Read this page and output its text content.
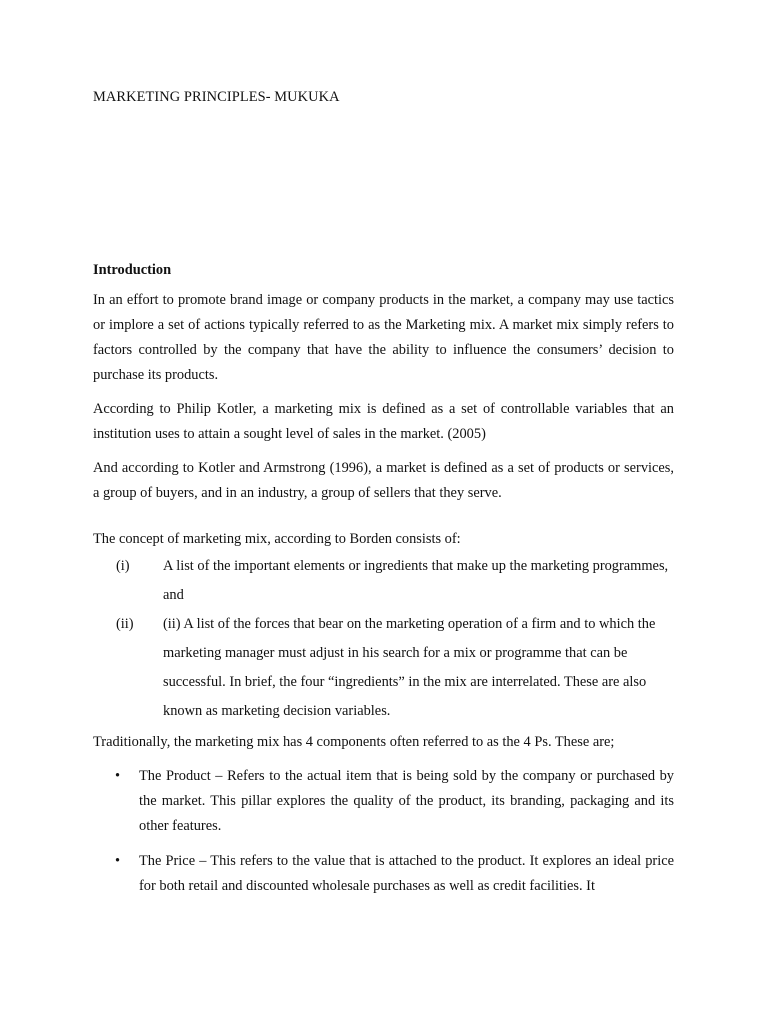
MARKETING PRINCIPLES- MUKUKA
Introduction

In an effort to promote brand image or company products in the market, a company may use tactics or implore a set of actions typically referred to as the Marketing mix. A market mix simply refers to factors controlled by the company that have the ability to influence the consumers’ decision to purchase its products.

According to Philip Kotler, a marketing mix is defined as a set of controllable variables that an institution uses to attain a sought level of sales in the market. (2005)

And according to Kotler and Armstrong (1996), a market is defined as a set of products or services, a group of buyers, and in an industry, a group of sellers that they serve.

The concept of marketing mix, according to Borden consists of:

(i)	A list of the important elements or ingredients that make up the marketing programmes, and
(ii)	(ii) A list of the forces that bear on the marketing operation of a firm and to which the marketing manager must adjust in his search for a mix or programme that can be successful. In brief, the four “ingredients” in the mix are interrelated. These are also known as marketing decision variables.

Traditionally, the marketing mix has 4 components often referred to as the 4 Ps. These are;

•	The Product – Refers to the actual item that is being sold by the company or purchased by the market. This pillar explores the quality of the product, its branding, packaging and its other features.
•	The Price – This refers to the value that is attached to the product. It explores an ideal price for both retail and discounted wholesale purchases as well as credit facilities. It
